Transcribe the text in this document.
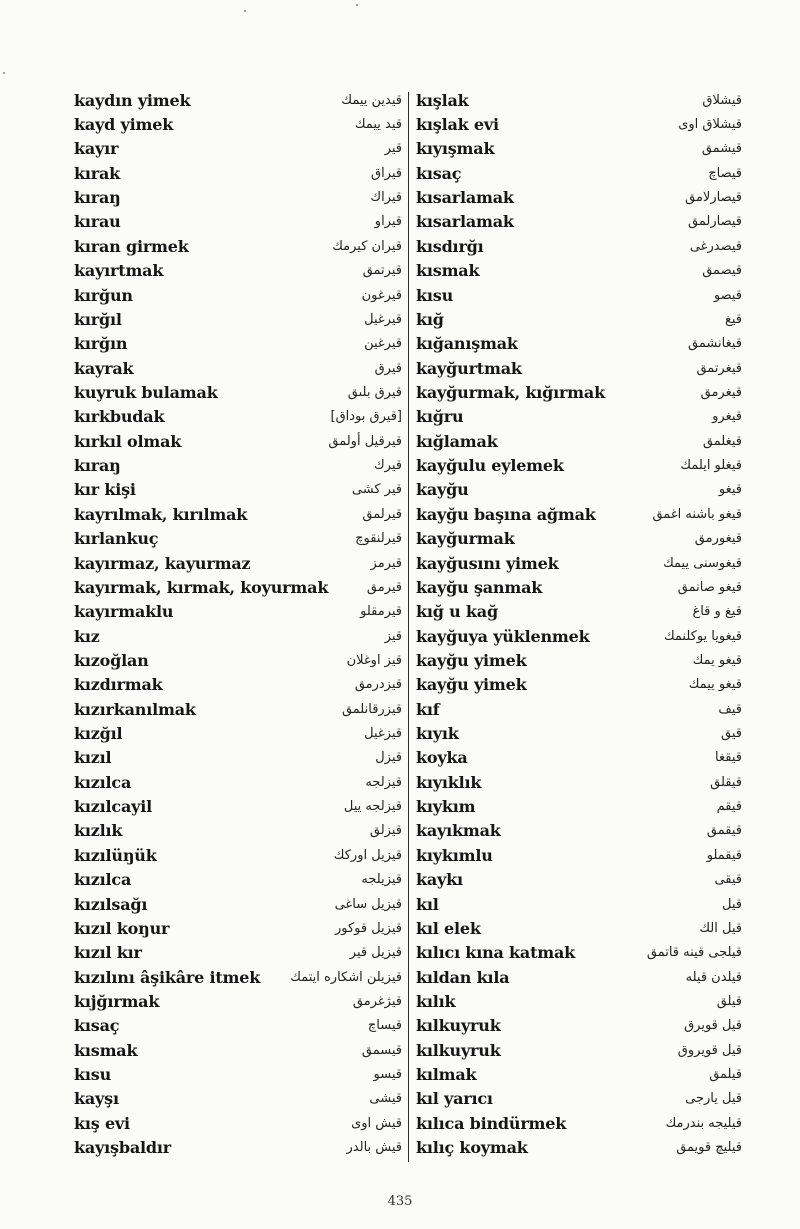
kaydın yimek	قيدين ييمك
kayd yimek	قيد ييمك
kayır	قير
kırak	قيراق
kıraŋ	قيراك
kırau	قيراو
kıran girmek	قيران كيرمك
kayırtmak	قيرتمق
kırğun	قيرغون
kırğıl	قيرغيل
kırğın	قيرغين
kayrak	قيرق
kuyruk bulamak	قيرق بلىق
kırkbudak	[قيرق بوداق]
kırkıl olmak	قيرقيل أولمق
kıraŋ	قيرك
kır kişi	قير كشى
kayrılmak, kırılmak	قيرلمق
kırlankuç	قيرلنقوچ
kayırmaz, kayurmaz	قيرمز
kayırmak, kırmak, koyurmak	قيرمق
kayırmaklu	قيرمقلو
kız	قيز
kızoğlan	قيز اوغلان
kızdırmak	قيزدرمق
kızırkanılmak	قيزرقانلمق
kızğıl	قيزغيل
kızıl	قيزل
kızılca	قيزلجه
kızılcayil	قيزلجه ييل
kızlık	قيزلق
kızılüŋük	قيزيل اوركك
kızılca	قيزيلجه
kızılsağı	قيزيل ساغى
kızıl koŋur	قيزيل قوكور
kızıl kır	قيزيل قير
kızılını âşikâre itmek قيزيلن اشكاره ايتمك
kıjğırmak	قيژغرمق
kısaç	قيساچ
kısmak	قيسمق
kısu	قيسو
kayşı	قيشى
kış evi	قيش اوى
kayışbaldır	قيش بالدر
kışlak	قيشلاق
kışlak evi	قيشلاق اوى
kıyışmak	قيشمق
kısaç	قيصاچ
kısarlamak	قيصارلامق
kısarlamak	قيصارلمق
kısdırğı	قيصدرغى
kısmak	قيصمق
kısu	قيصو
kığ	قيغ
kığanışmak	قيغانشمق
kayğurtmak	قيغرتمق
kayğurmak, kığırmak	قيغرمق
kığru	قيغرو
kığlamak	قيغلمق
kayğulu eylemek	قيغلو ايلمك
kayğu	قيغو
kayğu başına ağmak	قيغو باشنه اغمق
kayğurmak	قيغورمق
kayğusını yimek	قيغوسنى ييمك
kayğu şanmak	قيغو صانمق
kığ u kağ	قيغ و قاغ
kayğuya yüklenmek	قيغويا يوكلنمك
kayğu yimek	قيغو يمك
kayğu yimek	قيغو ييمك
kıf	قيف
kıyık	قيق
koyka	قيقغا
kıyıklık	قيقلق
kıykım	قيقم
kayıkmak	قيقمق
kıykımlu	قيقملو
kaykı	قيقى
kıl	قيل
kıl elek	قيل الك
kılıcı kına katmak	قيلجى قينه قاتمق
kıldan kıla	قيلدن قيله
kılık	قيلق
kılkuyruk	قيل قويرق
kılkuyruk	قيل قويروق
kılmak	قيلمق
kıl yarıcı	قيل يارجى
kılıca bindürmek	قيليجه بندرمك
kılıç koymak	قيليچ قويمق
435
